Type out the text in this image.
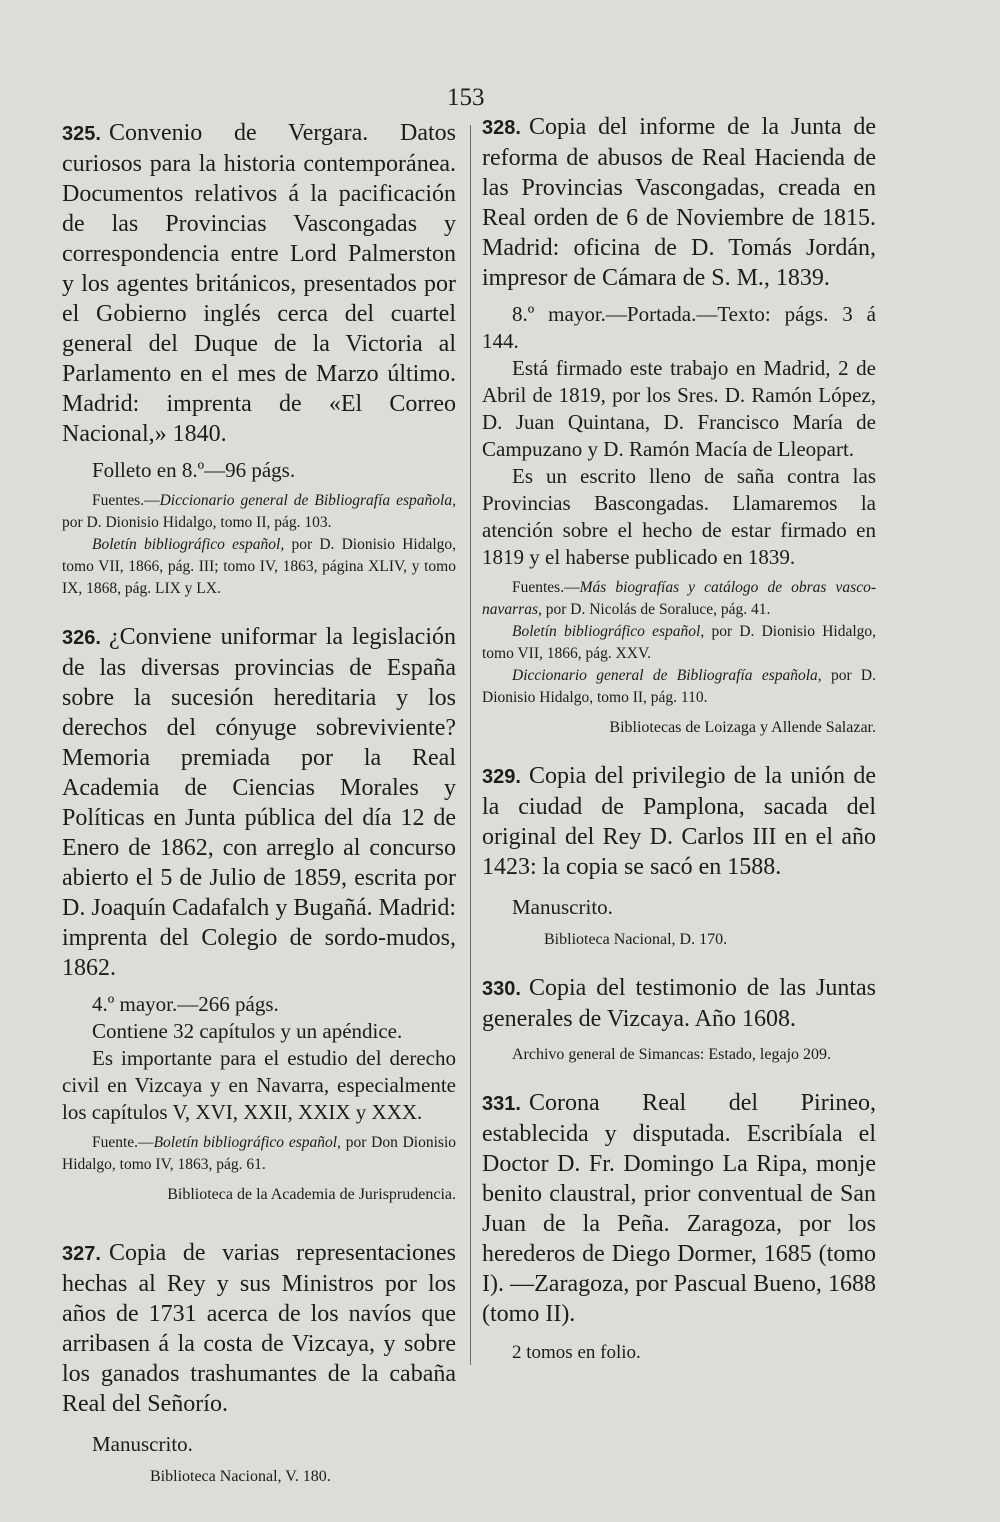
153

325. Convenio de Vergara. Datos curiosos para la historia contemporánea. Documentos relativos á la pacificación de las Provincias Vascongadas y correspondencia entre Lord Palmerston y los agentes británicos, presentados por el Gobierno inglés cerca del cuartel general del Duque de la Victoria al Parlamento en el mes de Marzo último. Madrid: imprenta de «El Correo Nacional,» 1840.

Folleto en 8.º—96 págs.

Fuentes.—Diccionario general de Bibliografía española, por D. Dionisio Hidalgo, tomo II, pág. 103.

Boletín bibliográfico español, por D. Dionisio Hidalgo, tomo VII, 1866, pág. III; tomo IV, 1863, página XLIV, y tomo IX, 1868, pág. LIX y LX.

326. ¿Conviene uniformar la legislación de las diversas provincias de España sobre la sucesión hereditaria y los derechos del cónyuge sobreviviente? Memoria premiada por la Real Academia de Ciencias Morales y Políticas en Junta pública del día 12 de Enero de 1862, con arreglo al concurso abierto el 5 de Julio de 1859, escrita por D. Joaquín Cadafalch y Bugañá. Madrid: imprenta del Colegio de sordo-mudos, 1862.

4.º mayor.—266 págs.

Contiene 32 capítulos y un apéndice.

Es importante para el estudio del derecho civil en Vizcaya y en Navarra, especialmente los capítulos V, XVI, XXII, XXIX y XXX.

Fuente.—Boletín bibliográfico español, por Don Dionisio Hidalgo, tomo IV, 1863, pág. 61.

Biblioteca de la Academia de Jurisprudencia.

327. Copia de varias representaciones hechas al Rey y sus Ministros por los años de 1731 acerca de los navíos que arribasen á la costa de Vizcaya, y sobre los ganados trashumantes de la cabaña Real del Señorío.

Manuscrito.

Biblioteca Nacional, V. 180.

328. Copia del informe de la Junta de reforma de abusos de Real Hacienda de las Provincias Vascongadas, creada en Real orden de 6 de Noviembre de 1815. Madrid: oficina de D. Tomás Jordán, impresor de Cámara de S. M., 1839.

8.º mayor.—Portada.—Texto: págs. 3 á 144.

Está firmado este trabajo en Madrid, 2 de Abril de 1819, por los Sres. D. Ramón López, D. Juan Quintana, D. Francisco María de Campuzano y D. Ramón Macía de Lleopart.

Es un escrito lleno de saña contra las Provincias Bascongadas. Llamaremos la atención sobre el hecho de estar firmado en 1819 y el haberse publicado en 1839.

Fuentes.—Más biografías y catálogo de obras vasco-navarras, por D. Nicolás de Soraluce, pág. 41.

Boletín bibliográfico español, por D. Dionisio Hidalgo, tomo VII, 1866, pág. XXV.

Diccionario general de Bibliografía española, por D. Dionisio Hidalgo, tomo II, pág. 110.

Bibliotecas de Loizaga y Allende Salazar.

329. Copia del privilegio de la unión de la ciudad de Pamplona, sacada del original del Rey D. Carlos III en el año 1423: la copia se sacó en 1588.

Manuscrito.

Biblioteca Nacional, D. 170.

330. Copia del testimonio de las Juntas generales de Vizcaya. Año 1608.

Archivo general de Simancas: Estado, legajo 209.

331. Corona Real del Pirineo, establecida y disputada. Escribíala el Doctor D. Fr. Domingo La Ripa, monje benito claustral, prior conventual de San Juan de la Peña. Zaragoza, por los herederos de Diego Dormer, 1685 (tomo I). —Zaragoza, por Pascual Bueno, 1688 (tomo II).

2 tomos en folio.
